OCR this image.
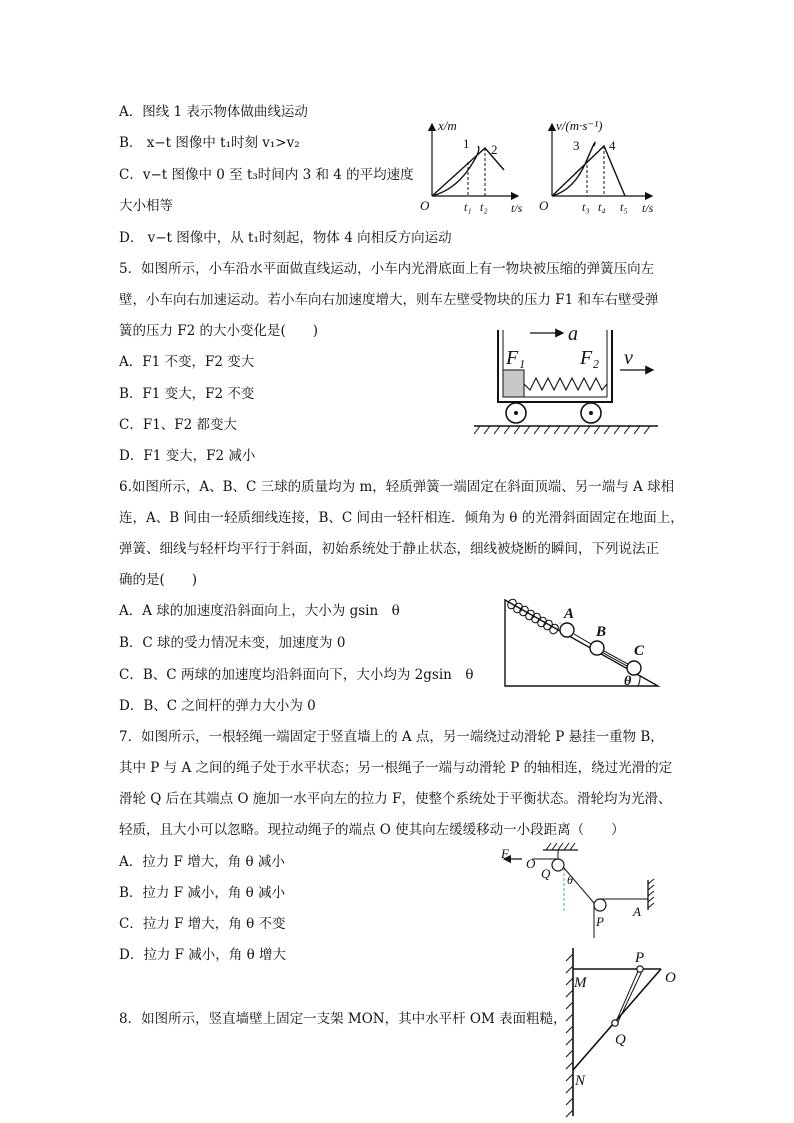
A．图线 1 表示物体做曲线运动
B． x−t 图像中 t₁时刻 v₁>v₂
C．v−t 图像中 0 至 t₃时间内 3 和 4 的平均速度
大小相等
D． v−t 图像中，从 t₁时刻起，物体 4 向相反方向运动
x/m
t/s
O
1 2
t₁ t₂
v/(m·s⁻¹)
t/s
O
3 4
t₃ t₄ t₅
5．如图所示，小车沿水平面做直线运动，小车内光滑底面上有一物块被压缩的弹簧压向左
壁，小车向右加速运动。若小车向右加速度增大，则车左壁受物块的压力 F1 和车右壁受弹
簧的压力 F2 的大小变化是(　　)
A．F1 不变，F2 变大
B．F1 变大，F2 不变
C．F1、F2 都变大
D．F1 变大，F2 减小
a
F₁	F₂ v
6.如图所示，A、B、C 三球的质量均为 m，轻质弹簧一端固定在斜面顶端、另一端与 A 球相
连，A、B 间由一轻质细线连接，B、C 间由一轻杆相连．倾角为 θ 的光滑斜面固定在地面上，
弹簧、细线与轻杆均平行于斜面，初始系统处于静止状态，细线被烧断的瞬间，下列说法正
确的是(　　)
A．A 球的加速度沿斜面向上，大小为 gsin　θ
B．C 球的受力情况未变，加速度为 0
C．B、C 两球的加速度均沿斜面向下，大小均为 2gsin　θ
D．B、C 之间杆的弹力大小为 0
A
B
C
θ
7．如图所示，一根轻绳一端固定于竖直墙上的 A 点，另一端绕过动滑轮 P 悬挂一重物 B，
其中 P 与 A 之间的绳子处于水平状态；另一根绳子一端与动滑轮 P 的轴相连，绕过光滑的定
滑轮 Q 后在其端点 O 施加一水平向左的拉力 F，使整个系统处于平衡状态。滑轮均为光滑、
轻质，且大小可以忽略。现拉动绳子的端点 O 使其向左缓缓移动一小段距离（　　）
A．拉力 F 增大，角 θ 减小
B．拉力 F 减小，角 θ 减小
C．拉力 F 增大，角 θ 不变
D．拉力 F 减小，角 θ 增大
F
O
Q θ
P
A
8．如图所示，竖直墙壁上固定一支架 MON，其中水平杆 OM 表面粗糙，
P
M	O
Q
N
